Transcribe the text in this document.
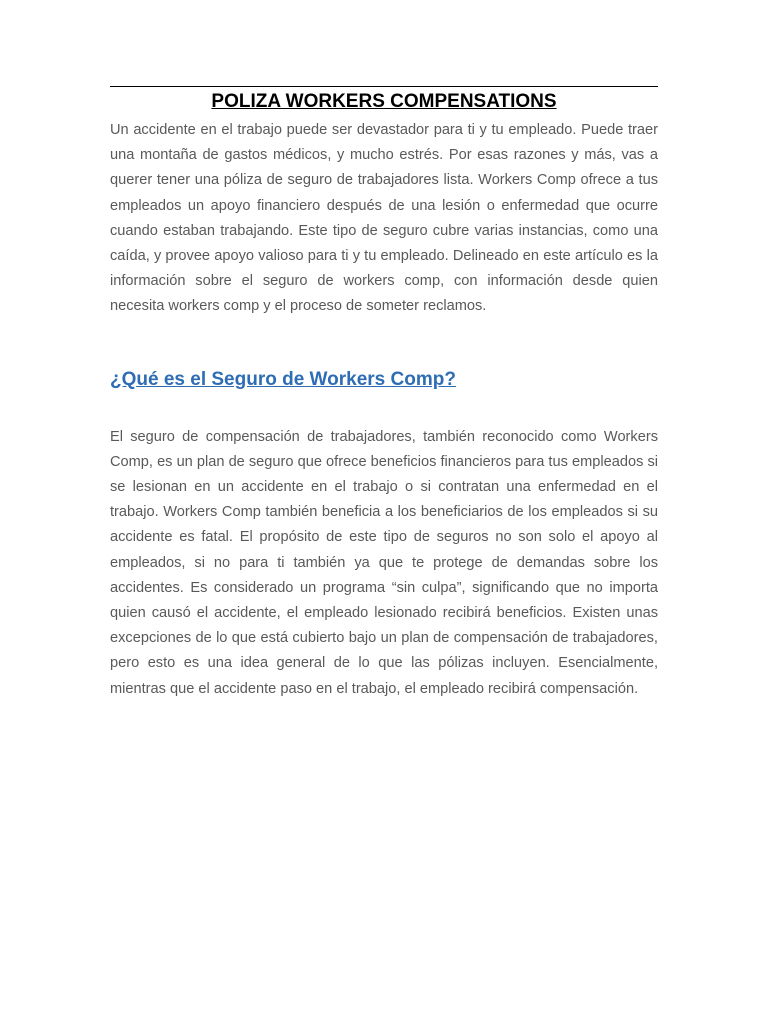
POLIZA WORKERS COMPENSATIONS

Un accidente en el trabajo puede ser devastador para ti y tu empleado. Puede traer una montaña de gastos médicos, y mucho estrés. Por esas razones y más, vas a querer tener una póliza de seguro de trabajadores lista. Workers Comp ofrece a tus empleados un apoyo financiero después de una lesión o enfermedad que ocurre cuando estaban trabajando. Este tipo de seguro cubre varias instancias, como una caída, y provee apoyo valioso para ti y tu empleado. Delineado en este artículo es la información sobre el seguro de workers comp, con información desde quien necesita workers comp y el proceso de someter reclamos.

¿Qué es el Seguro de Workers Comp?

El seguro de compensación de trabajadores, también reconocido como Workers Comp, es un plan de seguro que ofrece beneficios financieros para tus empleados si se lesionan en un accidente en el trabajo o si contratan una enfermedad en el trabajo. Workers Comp también beneficia a los beneficiarios de los empleados si su accidente es fatal. El propósito de este tipo de seguros no son solo el apoyo al empleados, si no para ti también ya que te protege de demandas sobre los accidentes. Es considerado un programa “sin culpa”, significando que no importa quien causó el accidente, el empleado lesionado recibirá beneficios. Existen unas excepciones de lo que está cubierto bajo un plan de compensación de trabajadores, pero esto es una idea general de lo que las pólizas incluyen. Esencialmente, mientras que el accidente paso en el trabajo, el empleado recibirá compensación.
